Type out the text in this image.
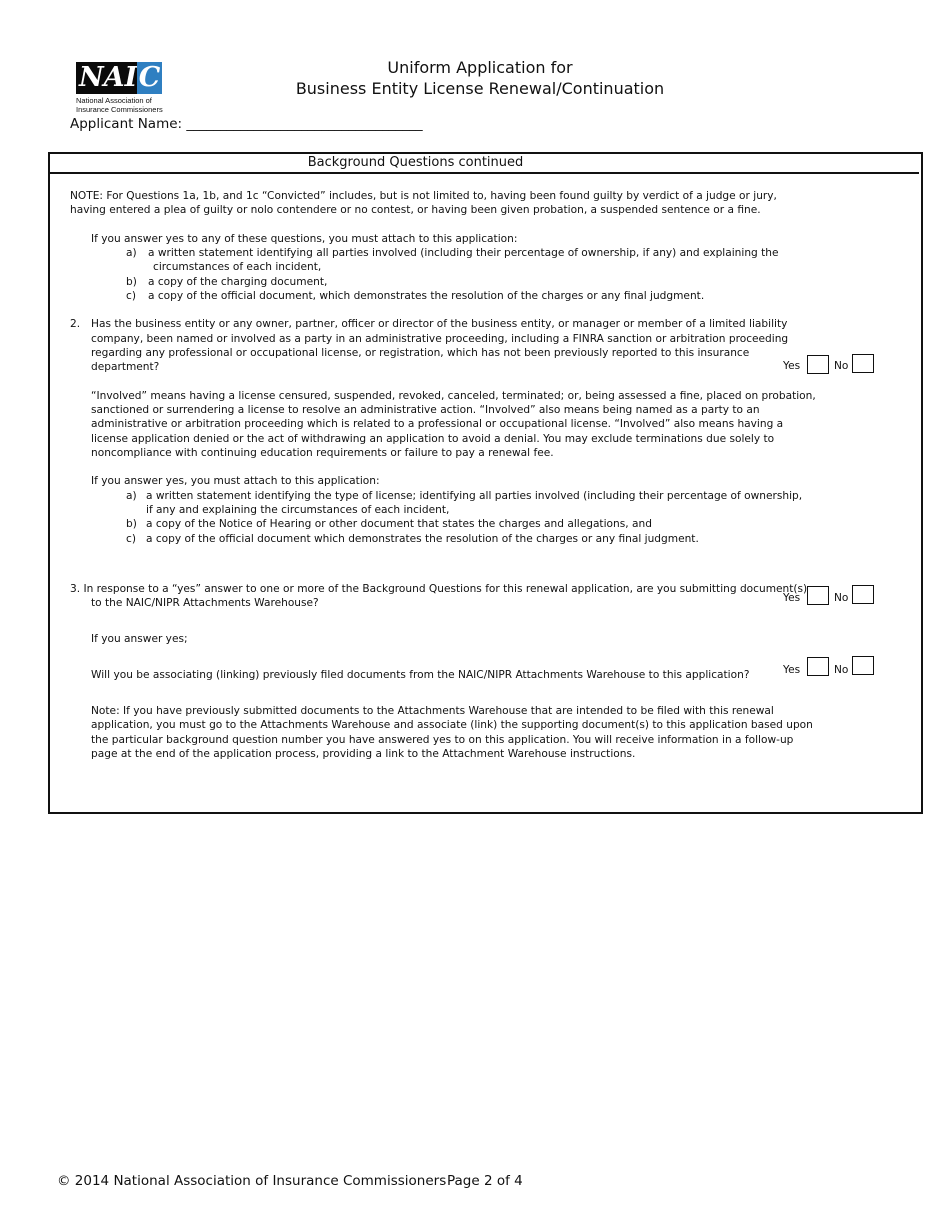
NAI C
National Association of
Insurance Commissioners
Uniform Application for
Business Entity License Renewal/Continuation
Applicant Name: ___________________________________
Background Questions continued
NOTE: For Questions 1a, 1b, and 1c “Convicted” includes, but is not limited to, having been found guilty by verdict of a judge or jury,
having entered a plea of guilty or nolo contendere or no contest, or having been given probation, a suspended sentence or a fine.
If you answer yes to any of these questions, you must attach to this application:
a) a written statement identifying all parties involved (including their percentage of ownership, if any) and explaining the
circumstances of each incident,
b) a copy of the charging document,
c) a copy of the official document, which demonstrates the resolution of the charges or any final judgment.
2. Has the business entity or any owner, partner, officer or director of the business entity, or manager or member of a limited liability
company, been named or involved as a party in an administrative proceeding, including a FINRA sanction or arbitration proceeding
regarding any professional or occupational license, or registration, which has not been previously reported to this insurance
department?	Yes	No
“Involved” means having a license censured, suspended, revoked, canceled, terminated; or, being assessed a fine, placed on probation,
sanctioned or surrendering a license to resolve an administrative action. “Involved” also means being named as a party to an
administrative or arbitration proceeding which is related to a professional or occupational license. “Involved” also means having a
license application denied or the act of withdrawing an application to avoid a denial. You may exclude terminations due solely to
noncompliance with continuing education requirements or failure to pay a renewal fee.
If you answer yes, you must attach to this application:
a) a written statement identifying the type of license; identifying all parties involved (including their percentage of ownership,
if any and explaining the circumstances of each incident,
b) a copy of the Notice of Hearing or other document that states the charges and allegations, and
c) a copy of the official document which demonstrates the resolution of the charges or any final judgment.
3. In response to a “yes” answer to one or more of the Background Questions for this renewal application, are you submitting document(s)
to the NAIC/NIPR Attachments Warehouse?	Yes	No
If you answer yes;
Will you be associating (linking) previously filed documents from the NAIC/NIPR Attachments Warehouse to this application?	Yes	No
Note: If you have previously submitted documents to the Attachments Warehouse that are intended to be filed with this renewal
application, you must go to the Attachments Warehouse and associate (link) the supporting document(s) to this application based upon
the particular background question number you have answered yes to on this application. You will receive information in a follow-up
page at the end of the application process, providing a link to the Attachment Warehouse instructions.
© 2014 National Association of Insurance Commissioners Page 2 of 4
